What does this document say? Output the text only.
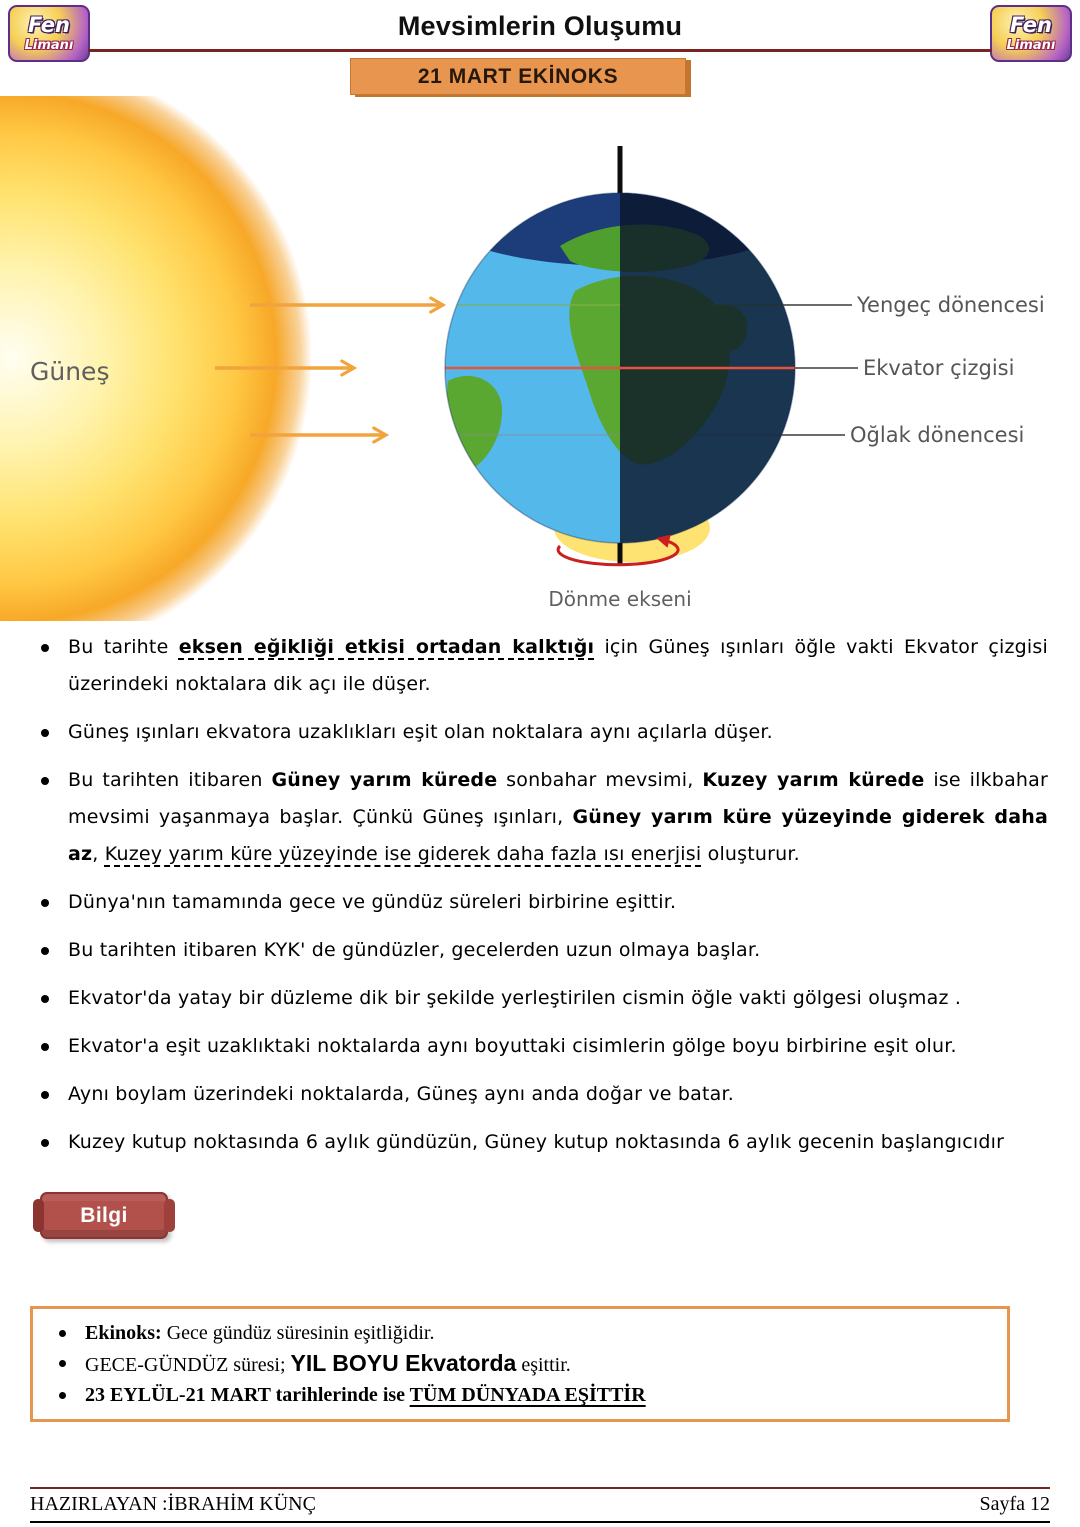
Fen
Limanı
Mevsimlerin Oluşumu	Fen
Limanı
21 MART EKİNOKS
Güneş
Yengeç dönencesi
Ekvator çizgisi
Oğlak dönencesi
Dönme ekseni
Bu tarihte eksen eğikliği etkisi ortadan kalktığı için Güneş ışınları öğle vakti Ekvator çizgisi üzerindeki noktalara dik açı ile düşer.
Güneş ışınları ekvatora uzaklıkları eşit olan noktalara aynı açılarla düşer.
Bu tarihten itibaren Güney yarım kürede sonbahar mevsimi, Kuzey yarım kürede ise ilkbahar mevsimi yaşanmaya başlar. Çünkü Güneş ışınları, Güney yarım küre yüzeyinde giderek daha az, Kuzey yarım küre yüzeyinde ise giderek daha fazla ısı enerjisi oluşturur.
Dünya'nın tamamında gece ve gündüz süreleri birbirine eşittir.
Bu tarihten itibaren KYK' de gündüzler, gecelerden uzun olmaya başlar.
Ekvator'da yatay bir düzleme dik bir şekilde yerleştirilen cismin öğle vakti gölgesi oluşmaz .
Ekvator'a eşit uzaklıktaki noktalarda aynı boyuttaki cisimlerin gölge boyu birbirine eşit olur.
Aynı boylam üzerindeki noktalarda, Güneş aynı anda doğar ve batar.
Kuzey kutup noktasında 6 aylık gündüzün, Güney kutup noktasında 6 aylık gecenin başlangıcıdır
Bilgi
Ekinoks: Gece gündüz süresinin eşitliğidir.
GECE-GÜNDÜZ süresi; YIL BOYU Ekvatorda eşittir.
23 EYLÜL-21 MART tarihlerinde ise TÜM DÜNYADA EŞİTTİR
HAZIRLAYAN :İBRAHİM KÜNÇ	Sayfa 12
